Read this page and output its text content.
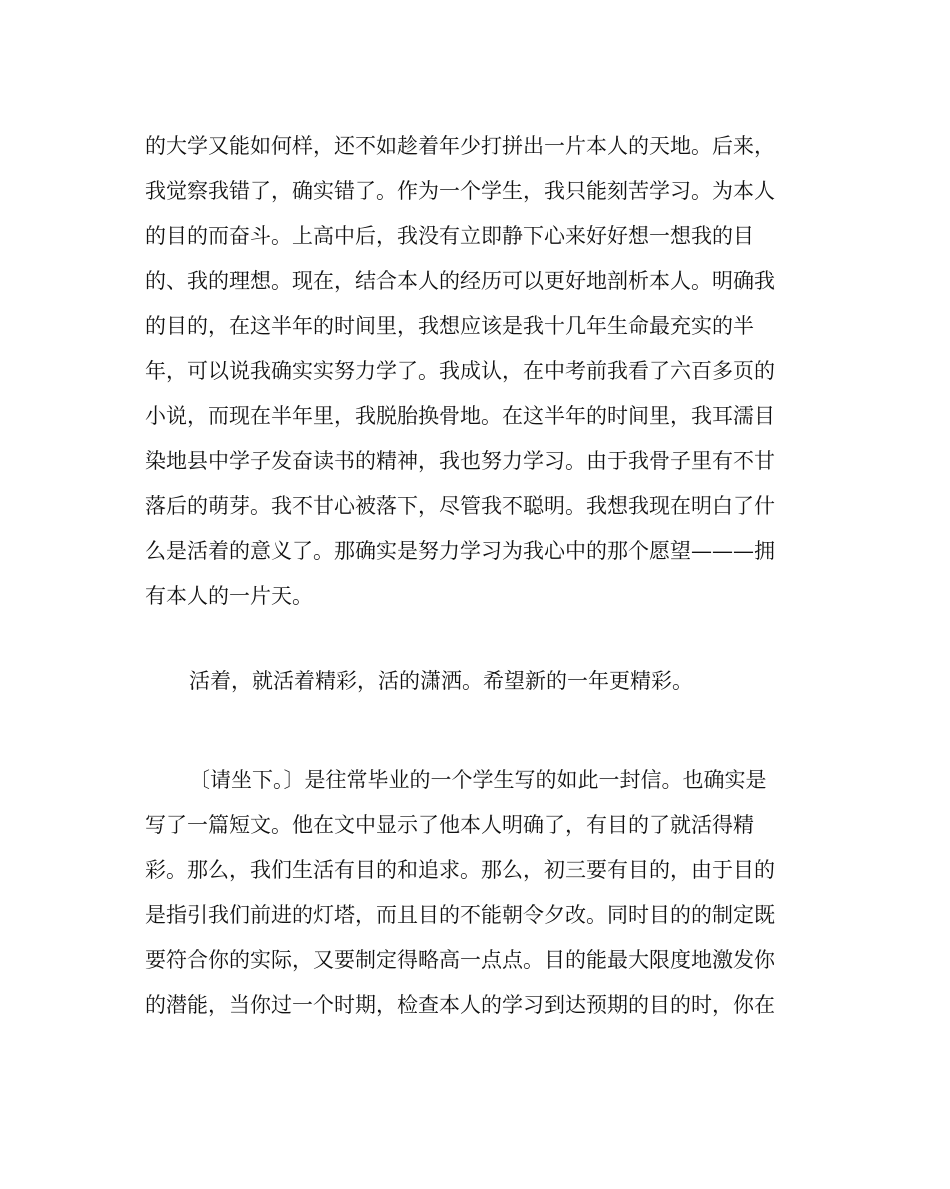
的大学又能如何样，还不如趁着年少打拼出一片本人的天地。后来，
我觉察我错了，确实错了。作为一个学生，我只能刻苦学习。为本人
的目的而奋斗。上高中后，我没有立即静下心来好好想一想我的目
的、我的理想。现在，结合本人的经历可以更好地剖析本人。明确我
的目的，在这半年的时间里，我想应该是我十几年生命最充实的半
年，可以说我确实实努力学了。我成认，在中考前我看了六百多页的
小说，而现在半年里，我脱胎换骨地。在这半年的时间里，我耳濡目
染地县中学子发奋读书的精神，我也努力学习。由于我骨子里有不甘
落后的萌芽。我不甘心被落下，尽管我不聪明。我想我现在明白了什
么是活着的意义了。那确实是努力学习为我心中的那个愿望———拥
有本人的一片天。
活着，就活着精彩，活的潇洒。希望新的一年更精彩。
〔请坐下。〕是往常毕业的一个学生写的如此一封信。也确实是
写了一篇短文。他在文中显示了他本人明确了，有目的了就活得精
彩。那么，我们生活有目的和追求。那么，初三要有目的，由于目的
是指引我们前进的灯塔，而且目的不能朝令夕改。同时目的的制定既
要符合你的实际，又要制定得略高一点点。目的能最大限度地激发你
的潜能，当你过一个时期，检查本人的学习到达预期的目的时，你在
